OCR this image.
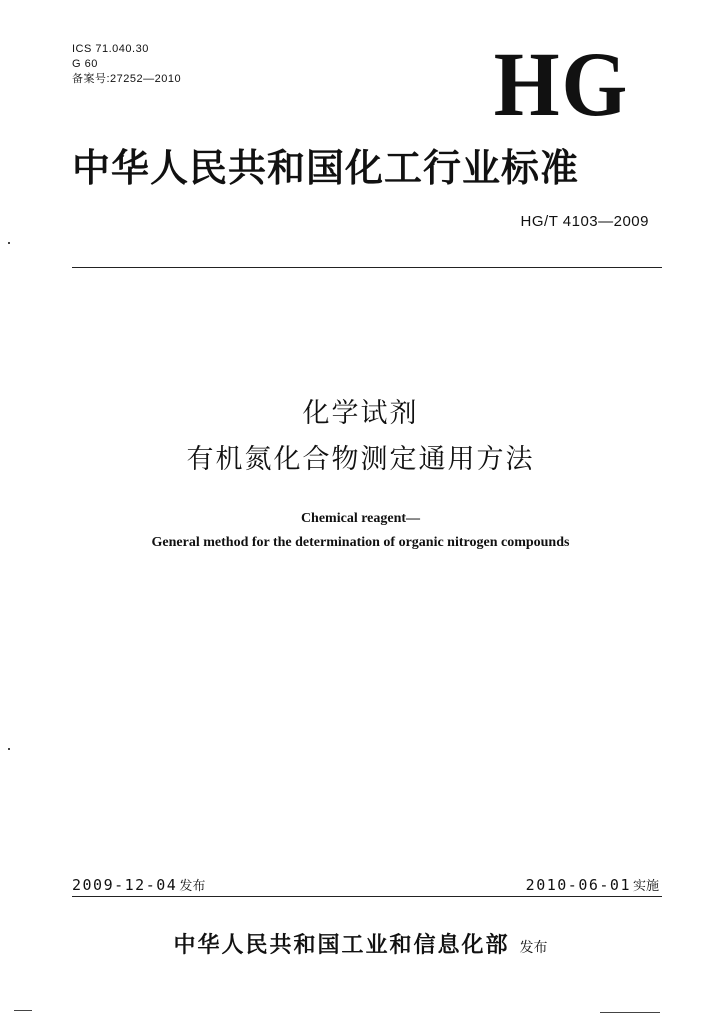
ICS 71.040.30
G 60
备案号:27252—2010	HG
中华人民共和国化工行业标准
HG/T 4103—2009
化学试剂
有机氮化合物测定通用方法
Chemical reagent—
General method for the determination of organic nitrogen compounds
2009-12-04 发布	2010-06-01 实施
中华人民共和国工业和信息化部 发布
